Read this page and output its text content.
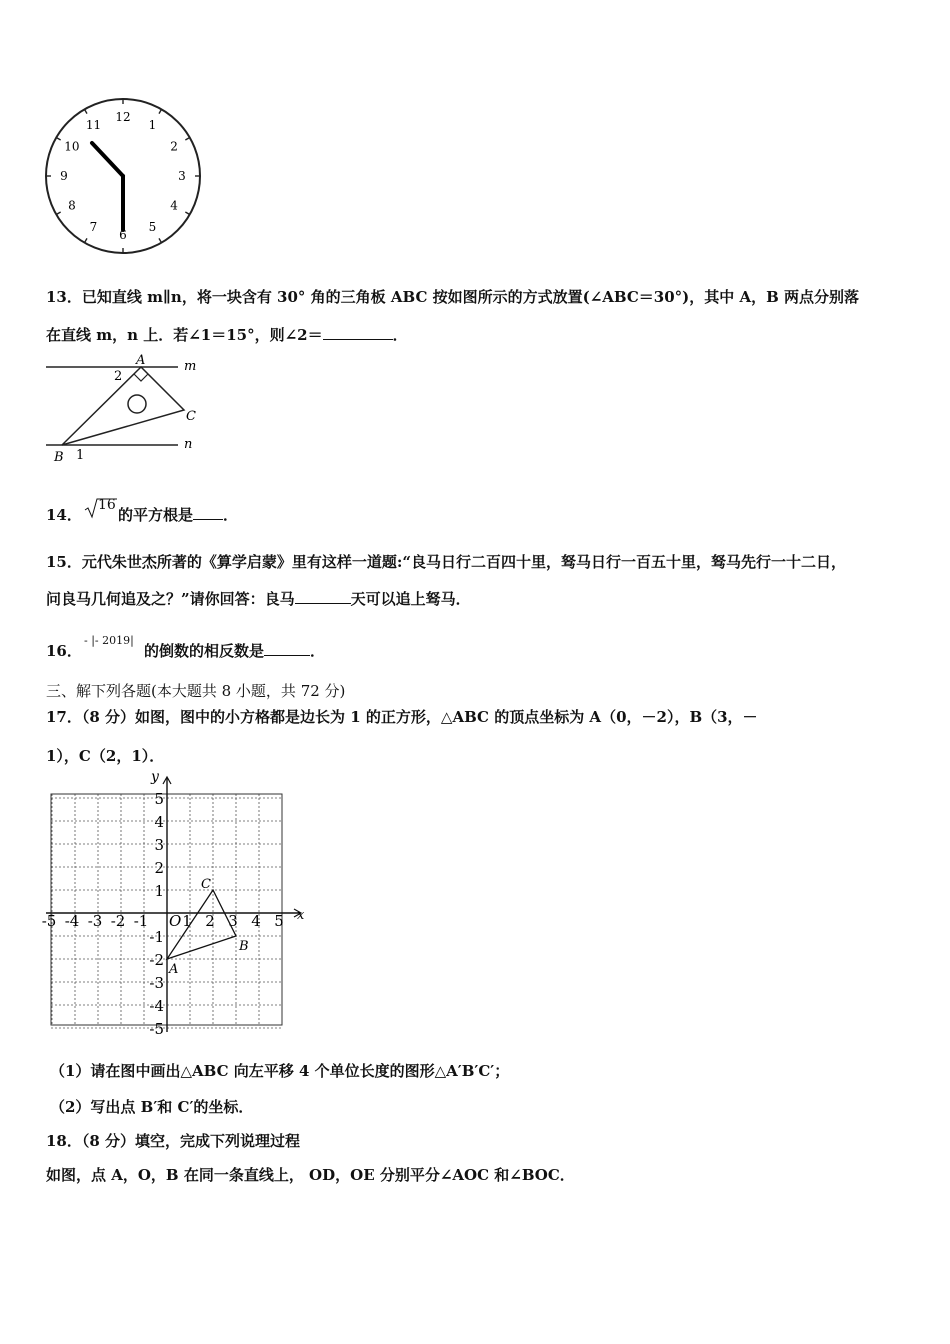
12
1
2
3
4
5
6
7
8
9
10
11
13．已知直线 m∥n，将一块含有 30° 角的三角板 ABC 按如图所示的方式放置(∠ABC＝30°)，其中 A，B 两点分别落
在直线 m，n 上．若∠1＝15°，则∠2＝	．
A	m
2
C
n
B 1
14．
16
的平方根是 ．
15．元代朱世杰所著的《算学启蒙》里有这样一道题:“良马日行二百四十里，驽马日行一百五十里，驽马先行一十二日，
问良马几何追及之？”请你回答：良马	天可以追上驽马．
16．- |- 2019|的倒数的相反数是	．
三、解下列各题(本大题共 8 小题，共 72 分)
17．（8 分）如图，图中的小方格都是边长为 1 的正方形，△ABC 的顶点坐标为 A（0，－2），B（3，－
1），C（2，1）．
-5 -4 -3 -2 -1 1 2 3 4 5
5
4
3
2
1
-1
-2
-3
-4
-5
O	x
y
A
B
C
（1）请在图中画出△ABC 向左平移 4 个单位长度的图形△A′B′C′；
（2）写出点 B′和 C′的坐标．
18．（8 分）填空，完成下列说理过程
如图，点 A，O，B 在同一条直线上， OD，OE 分别平分∠AOC 和∠BOC．
